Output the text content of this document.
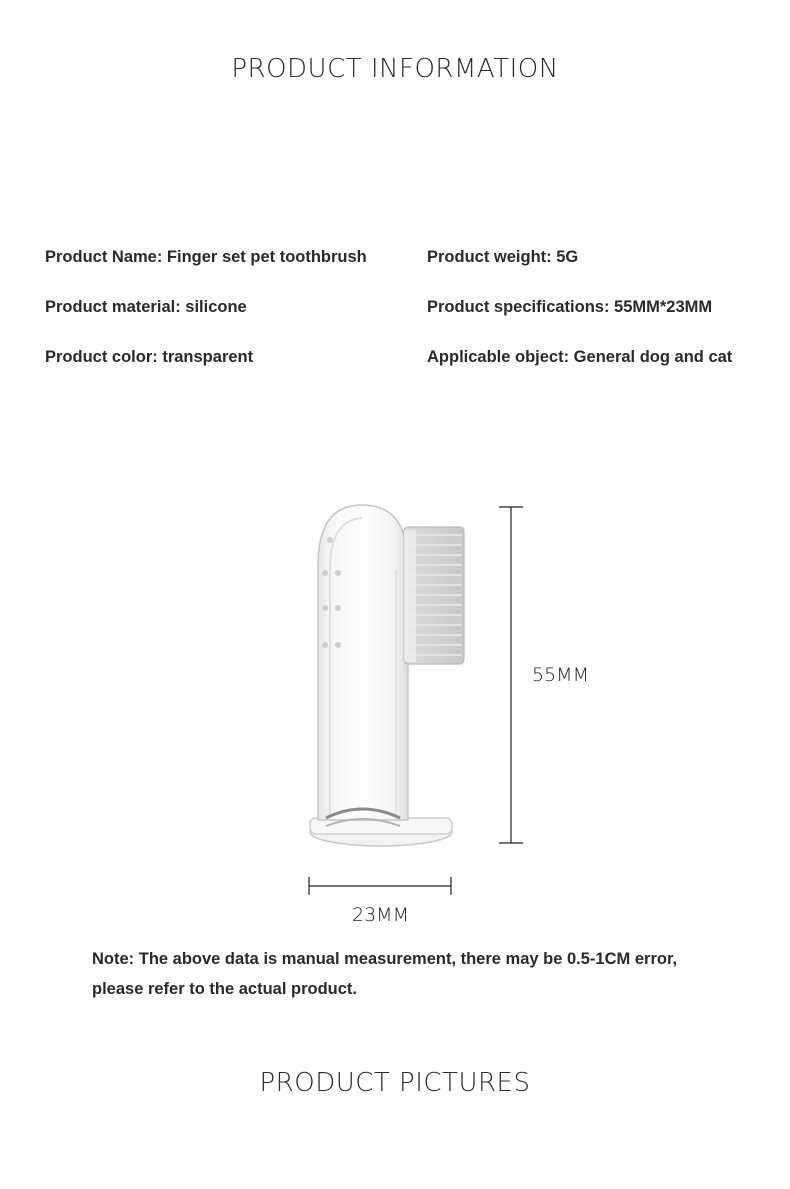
PRODUCT INFORMATION
Product Name: Finger set pet toothbrush
Product material: silicone
Product color: transparent
Product weight: 5G
Product specifications: 55MM*23MM
Applicable object: General dog and cat
55MM
23MM
Note: The above data is manual measurement, there may be 0.5-1CM error,
please refer to the actual product.
PRODUCT PICTURES
